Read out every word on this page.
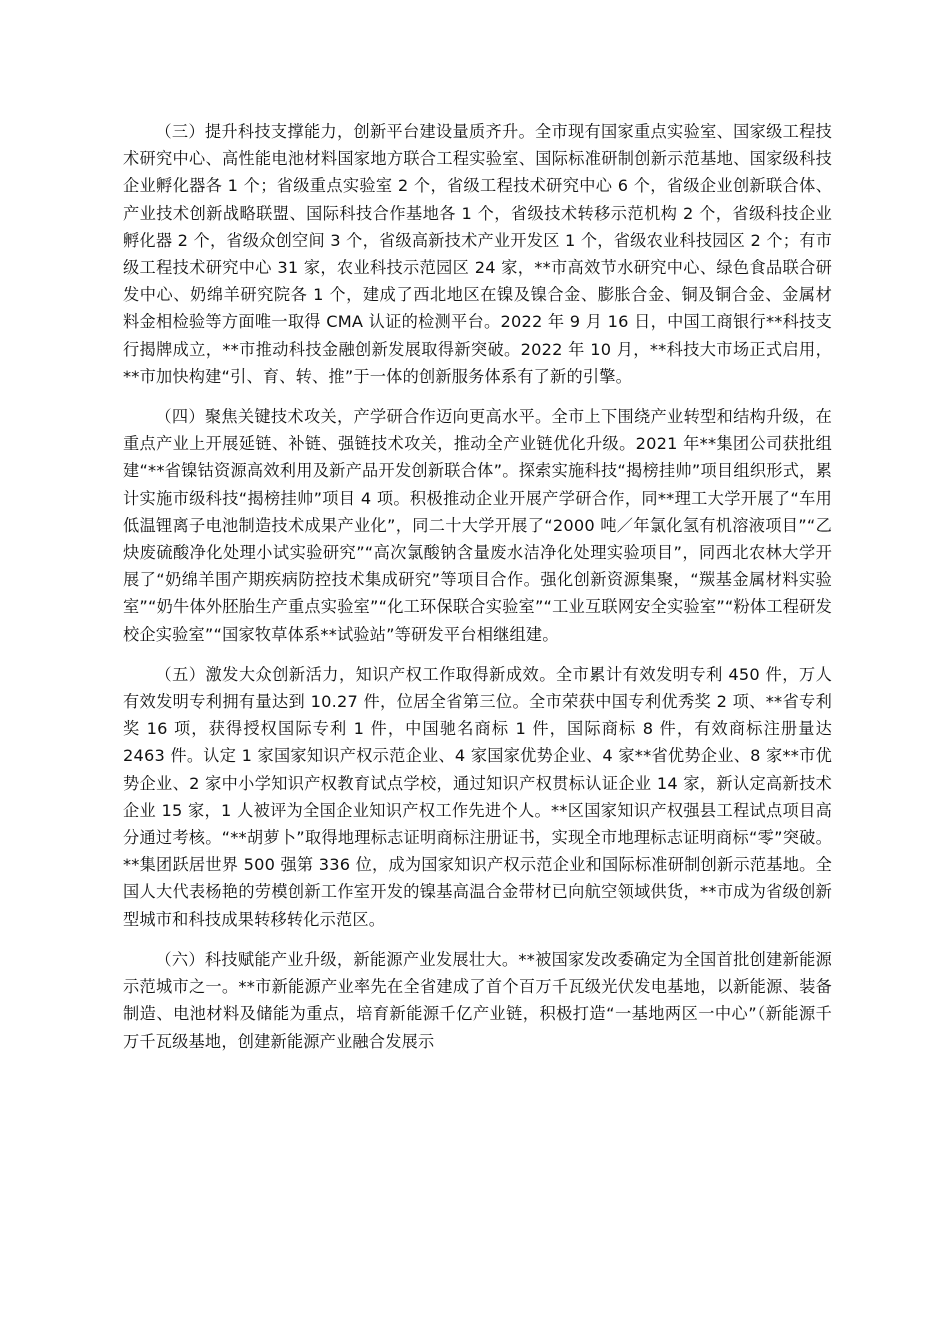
（三）提升科技支撑能力，创新平台建设量质齐升。全市现有国家重点实验室、国家级工程技术研究中心、高性能电池材料国家地方联合工程实验室、国际标准研制创新示范基地、国家级科技企业孵化器各 1 个；省级重点实验室 2 个，省级工程技术研究中心 6 个，省级企业创新联合体、产业技术创新战略联盟、国际科技合作基地各 1 个，省级技术转移示范机构 2 个，省级科技企业孵化器 2 个，省级众创空间 3 个，省级高新技术产业开发区 1 个，省级农业科技园区 2 个；有市级工程技术研究中心 31 家，农业科技示范园区 24 家，**市高效节水研究中心、绿色食品联合研发中心、奶绵羊研究院各 1 个，建成了西北地区在镍及镍合金、膨胀合金、铜及铜合金、金属材料金相检验等方面唯一取得 CMA 认证的检测平台。2022 年 9 月 16 日，中国工商银行**科技支行揭牌成立，**市推动科技金融创新发展取得新突破。2022 年 10 月，**科技大市场正式启用，**市加快构建“引、育、转、推”于一体的创新服务体系有了新的引擎。

（四）聚焦关键技术攻关，产学研合作迈向更高水平。全市上下围绕产业转型和结构升级，在重点产业上开展延链、补链、强链技术攻关，推动全产业链优化升级。2021 年**集团公司获批组建“**省镍钴资源高效利用及新产品开发创新联合体”。探索实施科技“揭榜挂帅”项目组织形式，累计实施市级科技“揭榜挂帅”项目 4 项。积极推动企业开展产学研合作，同**理工大学开展了“车用低温锂离子电池制造技术成果产业化”，同二十大学开展了“2000 吨／年氯化氢有机溶液项目”“乙炔废硫酸净化处理小试实验研究”“高次氯酸钠含量废水洁净化处理实验项目”，同西北农林大学开展了“奶绵羊围产期疾病防控技术集成研究”等项目合作。强化创新资源集聚，“羰基金属材料实验室”“奶牛体外胚胎生产重点实验室”“化工环保联合实验室”“工业互联网安全实验室”“粉体工程研发校企实验室”“国家牧草体系**试验站”等研发平台相继组建。

（五）激发大众创新活力，知识产权工作取得新成效。全市累计有效发明专利 450 件，万人有效发明专利拥有量达到 10.27 件，位居全省第三位。全市荣获中国专利优秀奖 2 项、**省专利奖 16 项，获得授权国际专利 1 件，中国驰名商标 1 件，国际商标 8 件，有效商标注册量达 2463 件。认定 1 家国家知识产权示范企业、4 家国家优势企业、4 家**省优势企业、8 家**市优势企业、2 家中小学知识产权教育试点学校，通过知识产权贯标认证企业 14 家，新认定高新技术企业 15 家，1 人被评为全国企业知识产权工作先进个人。**区国家知识产权强县工程试点项目高分通过考核。“**胡萝卜”取得地理标志证明商标注册证书，实现全市地理标志证明商标“零”突破。**集团跃居世界 500 强第 336 位，成为国家知识产权示范企业和国际标准研制创新示范基地。全国人大代表杨艳的劳模创新工作室开发的镍基高温合金带材已向航空领域供货，**市成为省级创新型城市和科技成果转移转化示范区。

（六）科技赋能产业升级，新能源产业发展壮大。**被国家发改委确定为全国首批创建新能源示范城市之一。**市新能源产业率先在全省建成了首个百万千瓦级光伏发电基地，以新能源、装备制造、电池材料及储能为重点，培育新能源千亿产业链，积极打造“一基地两区一中心”（新能源千万千瓦级基地，创建新能源产业融合发展示
